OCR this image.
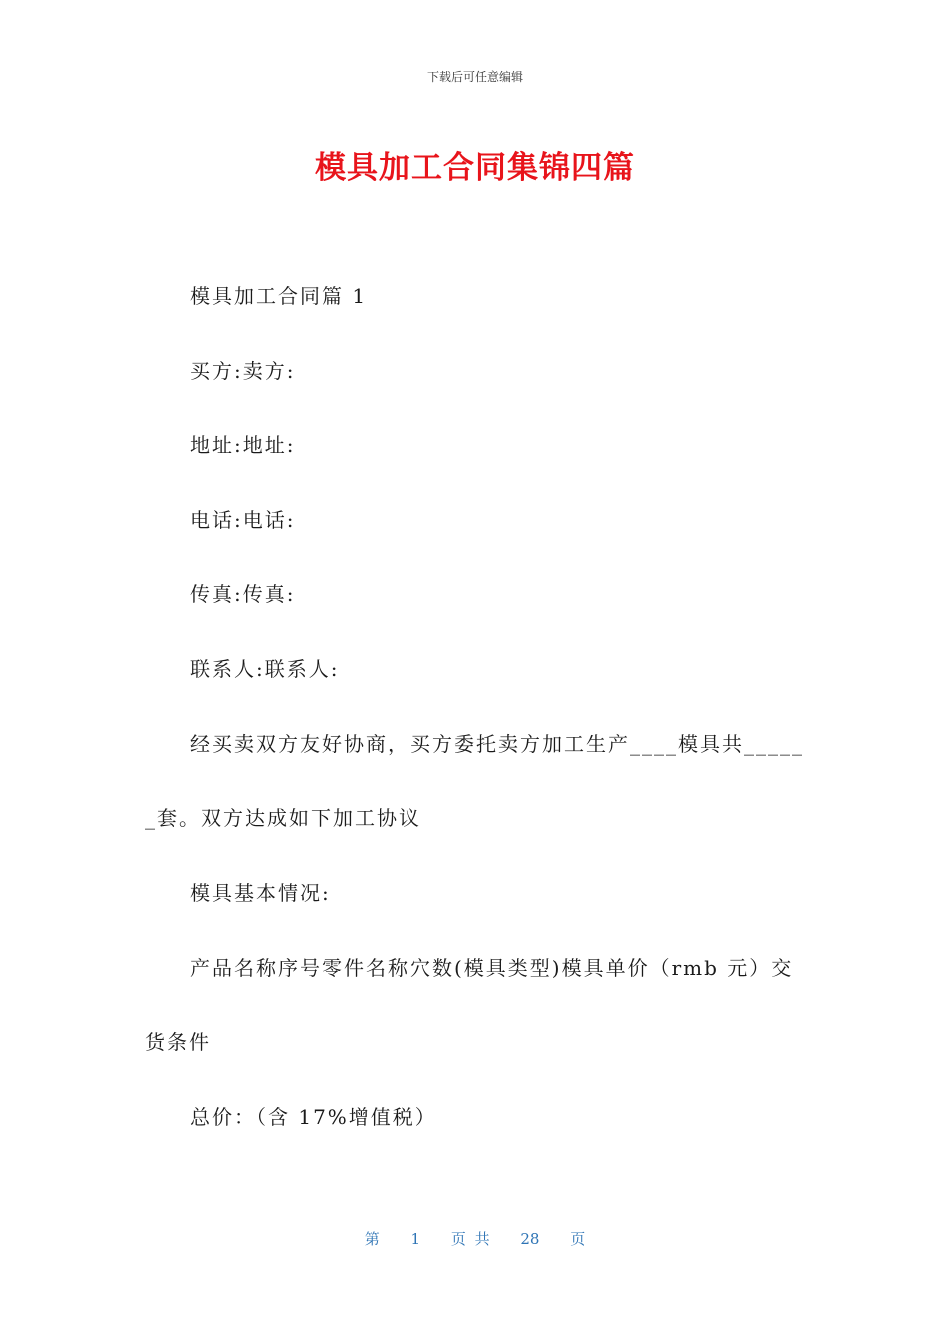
下载后可任意编辑
模具加工合同集锦四篇
模具加工合同篇 1
买方:卖方:
地址:地址:
电话:电话:
传真:传真:
联系人:联系人:
经买卖双方友好协商，买方委托卖方加工生产____模具共_____
_套。双方达成如下加工协议
模具基本情况:
产品名称序号零件名称穴数(模具类型)模具单价（rmb 元）交
货条件
总价：（含 17%增值税）
第 1 页 共 28 页
